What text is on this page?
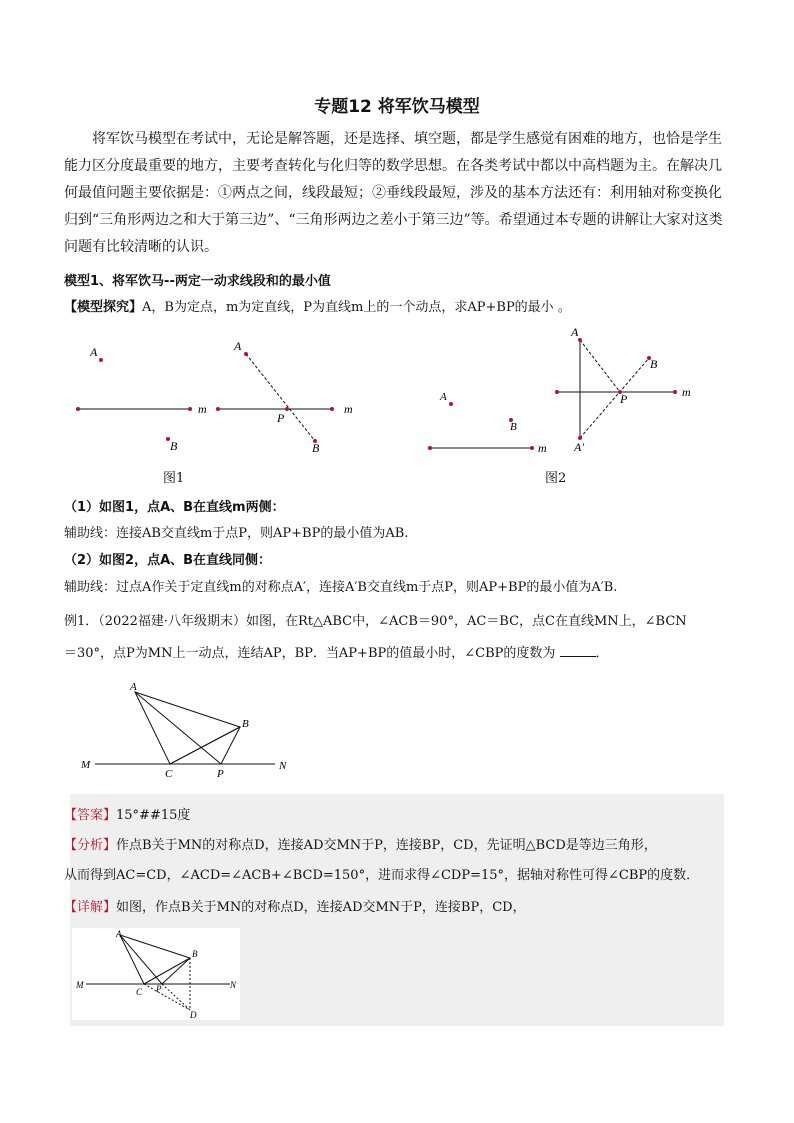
专题12 将军饮马模型
将军饮马模型在考试中，无论是解答题，还是选择、填空题，都是学生感觉有困难的地方，也恰是学生能力区分度最重要的地方，主要考查转化与化归等的数学思想。在各类考试中都以中高档题为主。在解决几何最值问题主要依据是：①两点之间，线段最短；②垂线段最短，涉及的基本方法还有：利用轴对称变换化归到“三角形两边之和大于第三边”、“三角形两边之差小于第三边”等。希望通过本专题的讲解让大家对这类问题有比较清晰的认识。
模型1、将军饮马--两定一动求线段和的最小值
【模型探究】A，B为定点，m为定直线，P为直线m上的一个动点，求AP+BP的最小 。
A
m
B
A
P
B
m
A
B
m
A
B
P
A′
m
图1	图2
（1）如图1，点A、B在直线m两侧：
辅助线：连接AB交直线m于点P，则AP+BP的最小值为AB.
（2）如图2，点A、B在直线同侧：
辅助线：过点A作关于定直线m的对称点A′，连接A′B交直线m于点P，则AP+BP的最小值为A′B.
例1．（2022福建·八年级期末）如图，在Rt△ABC中，∠ACB＝90°，AC＝BC，点C在直线MN上，∠BCN
＝30°，点P为MN上一动点，连结AP，BP．当AP+BP的值最小时，∠CBP的度数为	．
A
B
C	P
M	N
【答案】15°##15度
【分析】作点B关于MN的对称点D，连接AD交MN于P，连接BP，CD，先证明△BCD是等边三角形，
从而得到AC=CD，∠ACD=∠ACB+∠BCD=150°，进而求得∠CDP=15°，据轴对称性可得∠CBP的度数．
【详解】如图，作点B关于MN的对称点D，连接AD交MN于P，连接BP，CD，
A
B
C P
D
M	N
